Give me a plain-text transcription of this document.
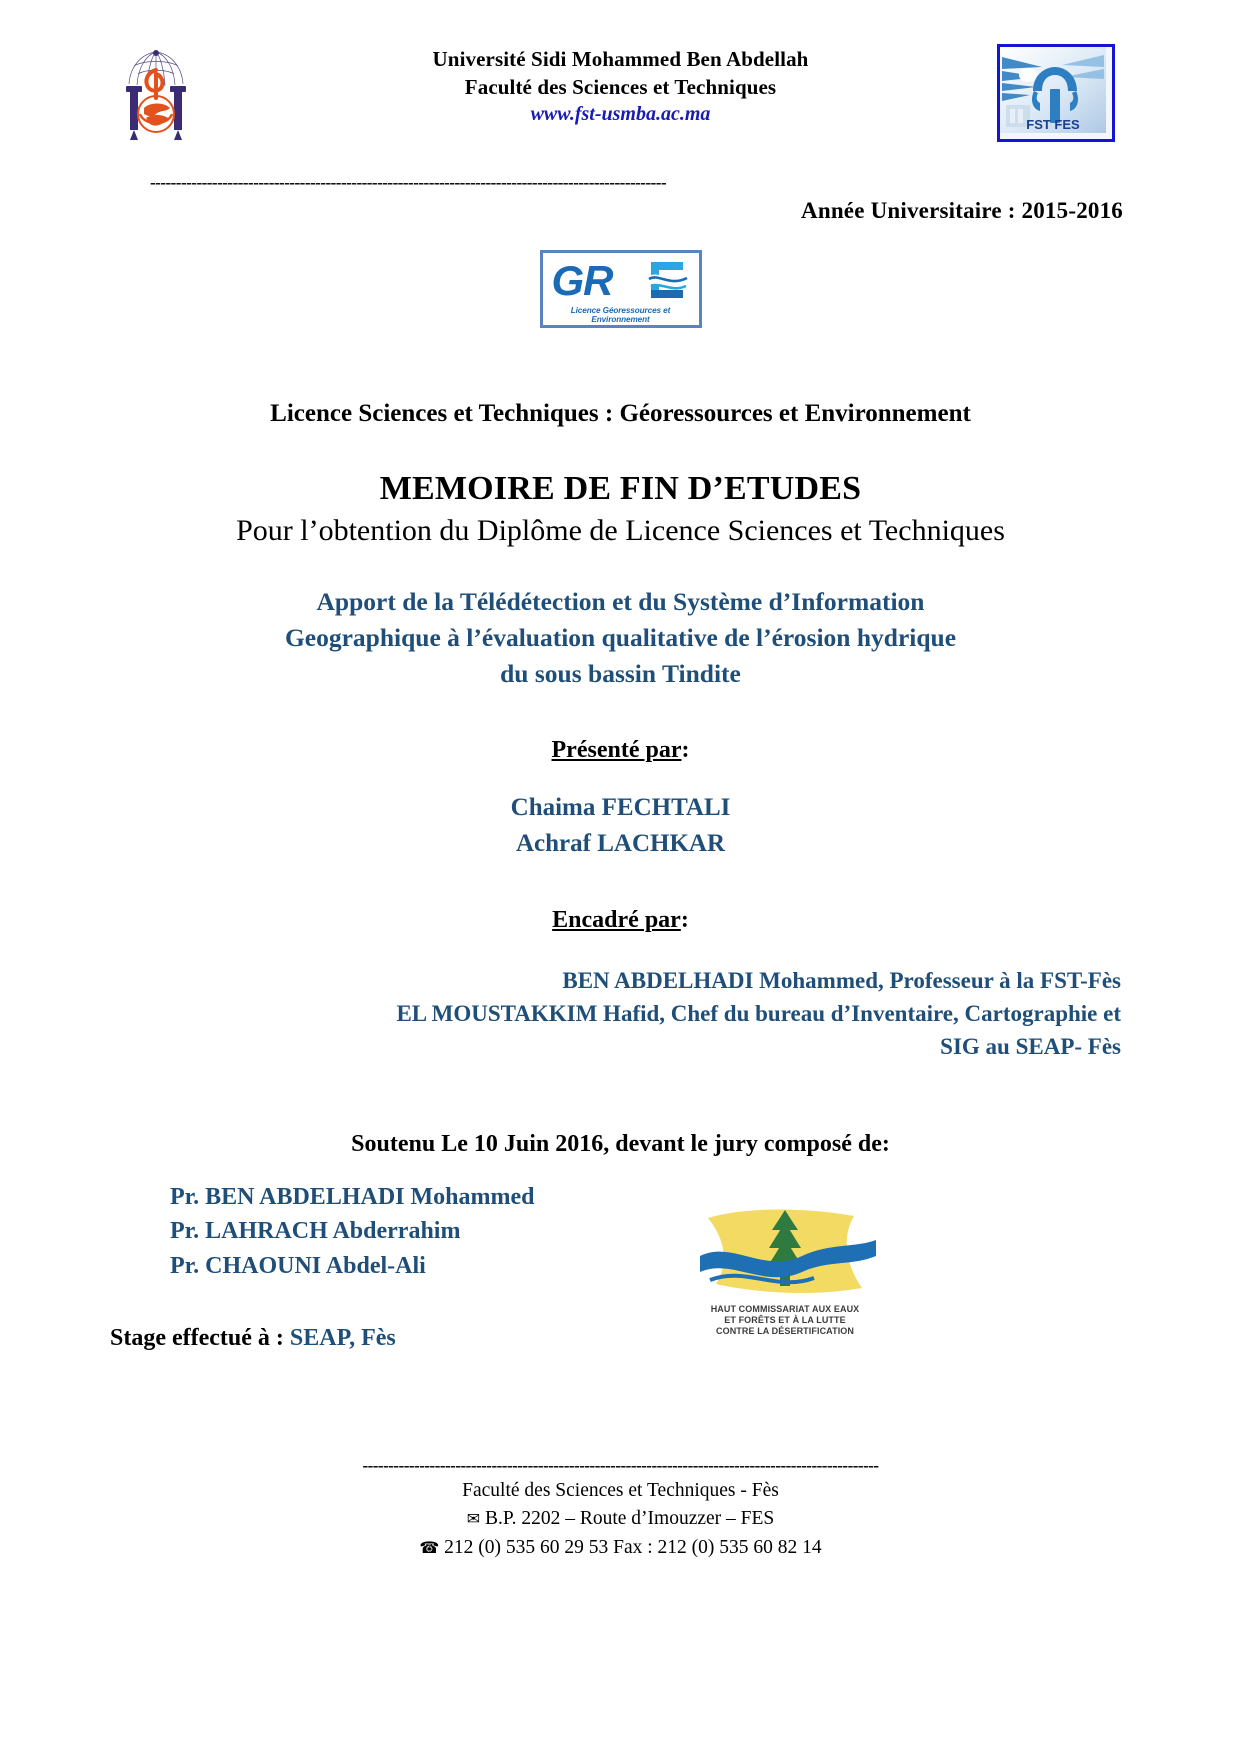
Université Sidi Mohammed Ben Abdellah
Faculté des Sciences et Techniques
www.fst-usmba.ac.ma	FST FES
----------------------------------------------------------------------------------------------------
Année Universitaire : 2015-2016
GR
Licence Géoressources et Environnement
Licence Sciences et Techniques : Géoressources et Environnement
MEMOIRE DE FIN D’ETUDES
Pour l’obtention du Diplôme de Licence Sciences et Techniques
Apport de la Télédétection et du Système d’Information
Geographique à l’évaluation qualitative de l’érosion hydrique
du sous bassin Tindite
Présenté par:
Chaima FECHTALI
Achraf LACHKAR
Encadré par:
BEN ABDELHADI Mohammed, Professeur à la FST-Fès
EL MOUSTAKKIM Hafid, Chef du bureau d’Inventaire, Cartographie et
SIG au SEAP- Fès
Soutenu Le 10 Juin 2016, devant le jury composé de:
Pr. BEN ABDELHADI Mohammed
Pr. LAHRACH Abderrahim
Pr. CHAOUNI Abdel-Ali
HAUT COMMISSARIAT AUX EAUX
ET FORÊTS ET À LA LUTTE
CONTRE LA DÉSERTIFICATION
Stage effectué à : SEAP, Fès
----------------------------------------------------------------------------------------------------
Faculté des Sciences et Techniques - Fès
✉ B.P. 2202 – Route d’Imouzzer – FES
☎ 212 (0) 535 60 29 53 Fax : 212 (0) 535 60 82 14
